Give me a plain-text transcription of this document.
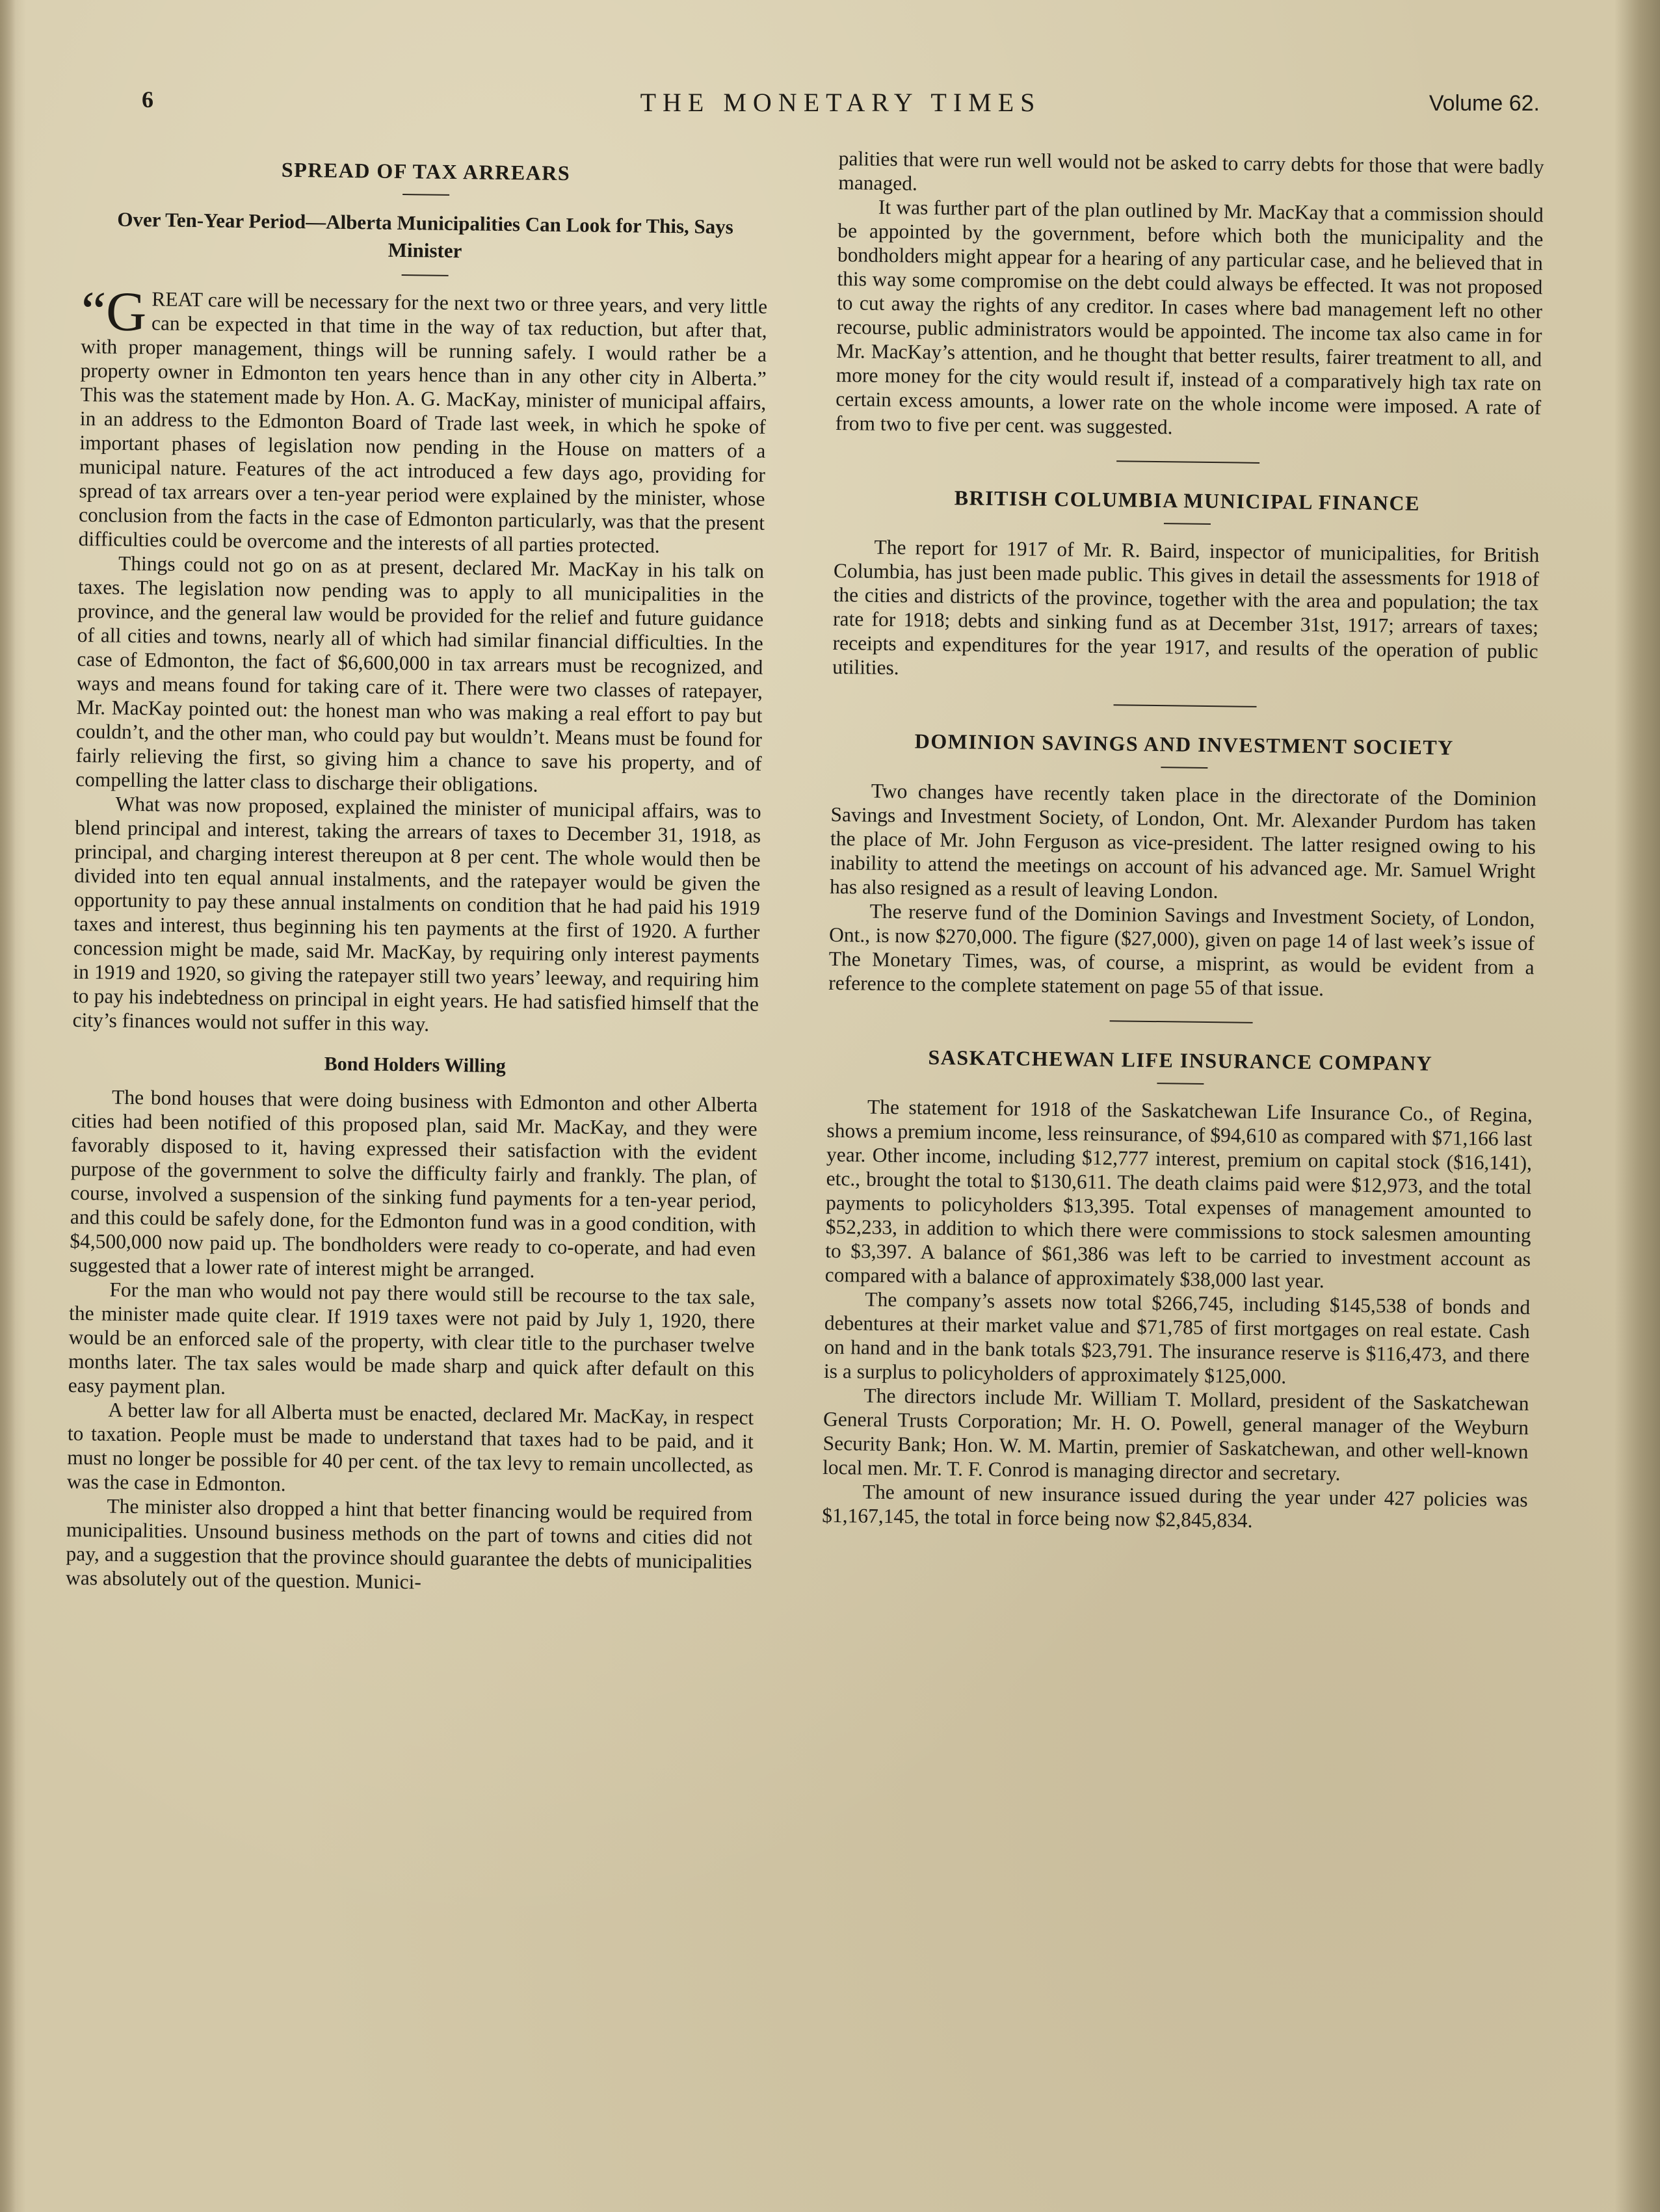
6	THE MONETARY TIMES	Volume 62.
SPREAD OF TAX ARREARS
Over Ten-Year Period—Alberta Municipalities Can Look for This, Says Minister

“G REAT care will be necessary for the next two or three years, and very little can be expected in that time in the way of tax reduction, but after that, with proper management, things will be running safely. I would rather be a property owner in Edmonton ten years hence than in any other city in Alberta.” This was the statement made by Hon. A. G. MacKay, minister of municipal affairs, in an address to the Edmonton Board of Trade last week, in which he spoke of important phases of legislation now pending in the House on matters of a municipal nature. Features of the act introduced a few days ago, providing for spread of tax arrears over a ten-year period were explained by the minister, whose conclusion from the facts in the case of Edmonton particularly, was that the present difficulties could be overcome and the interests of all parties protected.

Things could not go on as at present, declared Mr. MacKay in his talk on taxes. The legislation now pending was to apply to all municipalities in the province, and the general law would be provided for the relief and future guidance of all cities and towns, nearly all of which had similar financial difficulties. In the case of Edmonton, the fact of $6,600,000 in tax arrears must be recognized, and ways and means found for taking care of it. There were two classes of ratepayer, Mr. MacKay pointed out: the honest man who was making a real effort to pay but couldn’t, and the other man, who could pay but wouldn’t. Means must be found for fairly relieving the first, so giving him a chance to save his property, and of compelling the latter class to discharge their obligations.

What was now proposed, explained the minister of municipal affairs, was to blend principal and interest, taking the arrears of taxes to December 31, 1918, as principal, and charging interest thereupon at 8 per cent. The whole would then be divided into ten equal annual instalments, and the ratepayer would be given the opportunity to pay these annual instalments on condition that he had paid his 1919 taxes and interest, thus beginning his ten payments at the first of 1920. A further concession might be made, said Mr. MacKay, by requiring only interest payments in 1919 and 1920, so giving the ratepayer still two years’ leeway, and requiring him to pay his indebtedness on principal in eight years. He had satisfied himself that the city’s finances would not suffer in this way.

Bond Holders Willing

The bond houses that were doing business with Edmonton and other Alberta cities had been notified of this proposed plan, said Mr. MacKay, and they were favorably disposed to it, having expressed their satisfaction with the evident purpose of the government to solve the difficulty fairly and frankly. The plan, of course, involved a suspension of the sinking fund payments for a ten-year period, and this could be safely done, for the Edmonton fund was in a good condition, with $4,500,000 now paid up. The bondholders were ready to co-operate, and had even suggested that a lower rate of interest might be arranged.

For the man who would not pay there would still be recourse to the tax sale, the minister made quite clear. If 1919 taxes were not paid by July 1, 1920, there would be an enforced sale of the property, with clear title to the purchaser twelve months later. The tax sales would be made sharp and quick after default on this easy payment plan.

A better law for all Alberta must be enacted, declared Mr. MacKay, in respect to taxation. People must be made to understand that taxes had to be paid, and it must no longer be possible for 40 per cent. of the tax levy to remain uncollected, as was the case in Edmonton.

The minister also dropped a hint that better financing would be required from municipalities. Unsound business methods on the part of towns and cities did not pay, and a suggestion that the province should guarantee the debts of municipalities was absolutely out of the question. Munici-

palities that were run well would not be asked to carry debts for those that were badly managed.

It was further part of the plan outlined by Mr. MacKay that a commission should be appointed by the government, before which both the municipality and the bondholders might appear for a hearing of any particular case, and he believed that in this way some compromise on the debt could always be effected. It was not proposed to cut away the rights of any creditor. In cases where bad management left no other recourse, public administrators would be appointed. The income tax also came in for Mr. MacKay’s attention, and he thought that better results, fairer treatment to all, and more money for the city would result if, instead of a comparatively high tax rate on certain excess amounts, a lower rate on the whole income were imposed. A rate of from two to five per cent. was suggested.

BRITISH COLUMBIA MUNICIPAL FINANCE

The report for 1917 of Mr. R. Baird, inspector of municipalities, for British Columbia, has just been made public. This gives in detail the assessments for 1918 of the cities and districts of the province, together with the area and population; the tax rate for 1918; debts and sinking fund as at December 31st, 1917; arrears of taxes; receipts and expenditures for the year 1917, and results of the operation of public utilities.

DOMINION SAVINGS AND INVESTMENT SOCIETY

Two changes have recently taken place in the directorate of the Dominion Savings and Investment Society, of London, Ont. Mr. Alexander Purdom has taken the place of Mr. John Ferguson as vice-president. The latter resigned owing to his inability to attend the meetings on account of his advanced age. Mr. Samuel Wright has also resigned as a result of leaving London.

The reserve fund of the Dominion Savings and Investment Society, of London, Ont., is now $270,000. The figure ($27,000), given on page 14 of last week’s issue of The Monetary Times, was, of course, a misprint, as would be evident from a reference to the complete statement on page 55 of that issue.

SASKATCHEWAN LIFE INSURANCE COMPANY

The statement for 1918 of the Saskatchewan Life Insurance Co., of Regina, shows a premium income, less reinsurance, of $94,610 as compared with $71,166 last year. Other income, including $12,777 interest, premium on capital stock ($16,141), etc., brought the total to $130,611. The death claims paid were $12,973, and the total payments to policyholders $13,395. Total expenses of management amounted to $52,233, in addition to which there were commissions to stock salesmen amounting to $3,397. A balance of $61,386 was left to be carried to investment account as compared with a balance of approximately $38,000 last year.

The company’s assets now total $266,745, including $145,538 of bonds and debentures at their market value and $71,785 of first mortgages on real estate. Cash on hand and in the bank totals $23,791. The insurance reserve is $116,473, and there is a surplus to policyholders of approximately $125,000.

The directors include Mr. William T. Mollard, president of the Saskatchewan General Trusts Corporation; Mr. H. O. Powell, general manager of the Weyburn Security Bank; Hon. W. M. Martin, premier of Saskatchewan, and other well-known local men. Mr. T. F. Conrod is managing director and secretary.

The amount of new insurance issued during the year under 427 policies was $1,167,145, the total in force being now $2,845,834.
